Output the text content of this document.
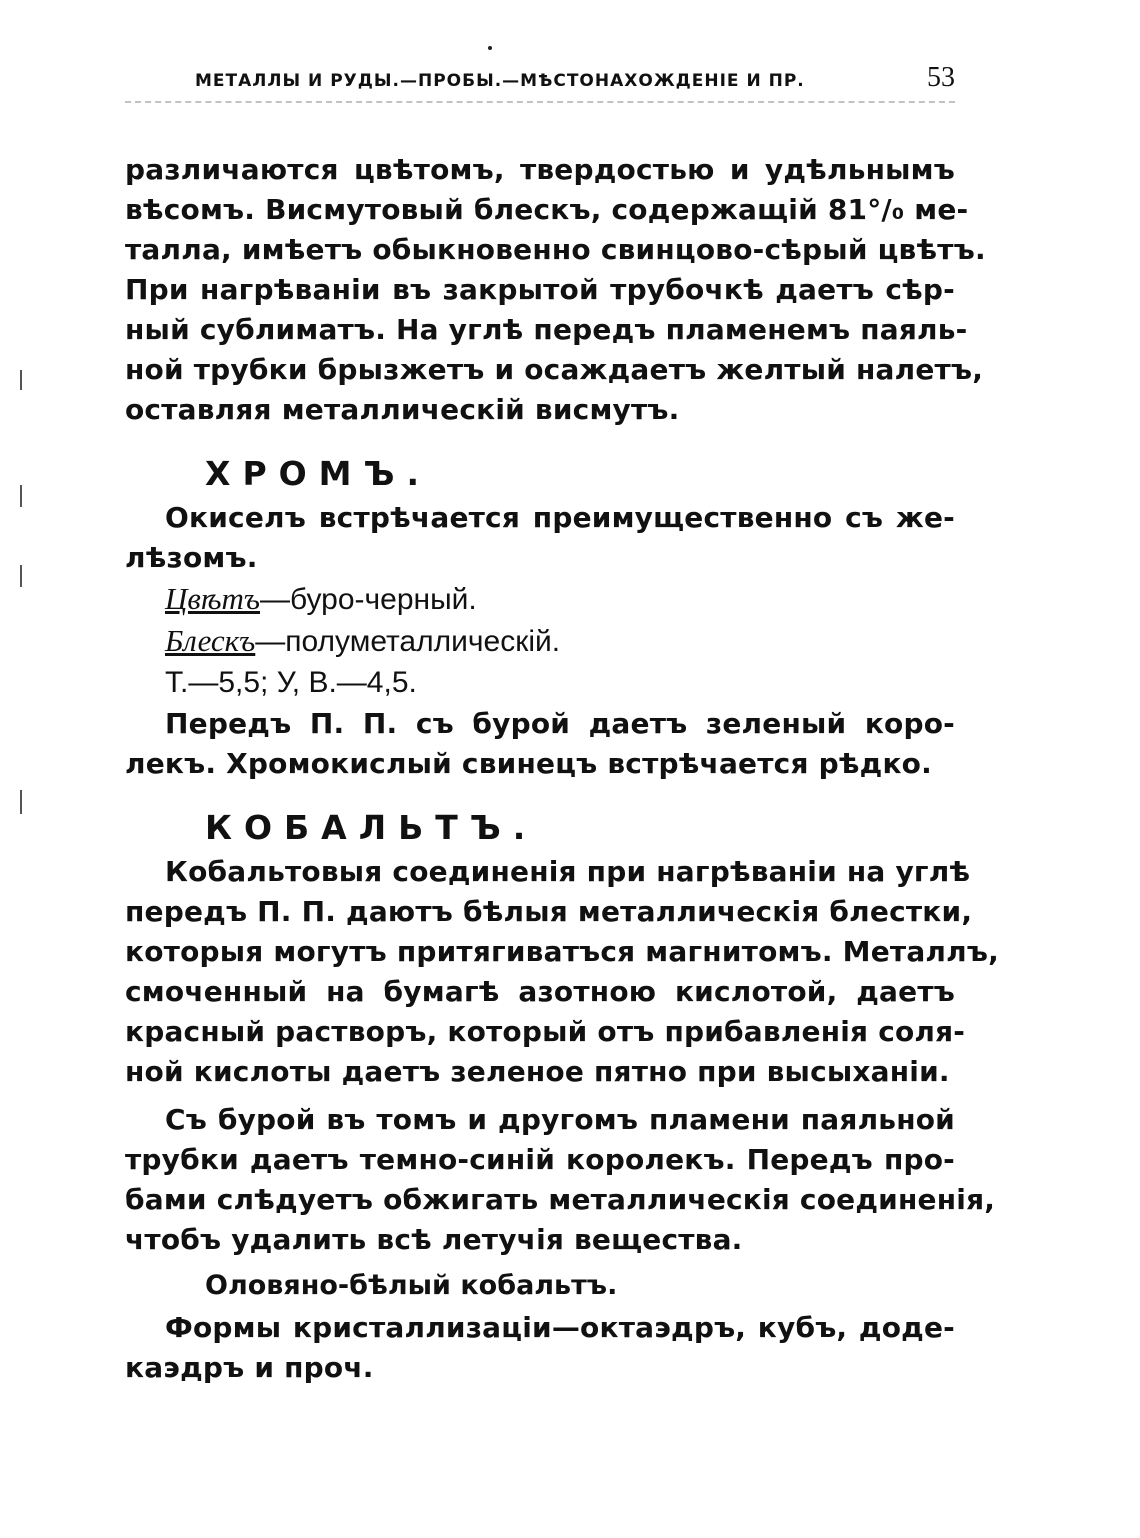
МЕТАЛЛЫ И РУДЫ.—ПРОБЫ.—МѢСТОНАХОЖДЕНІЕ И ПР.	53
различаются цвѣтомъ, твердостью и удѣльнымъ
вѣсомъ. Висмутовый блескъ, содержащій 81°/₀ ме-
талла, имѣетъ обыкновенно свинцово-сѣрый цвѣтъ.
При нагрѣваніи въ закрытой трубочкѣ даетъ сѣр-
ный сублиматъ. На углѣ передъ пламенемъ паяль-
ной трубки брызжетъ и осаждаетъ желтый налетъ,
оставляя металлическій висмутъ.
ХРОМЪ.
Окиселъ встрѣчается преимущественно съ же-
лѣзомъ.
Цвѣтъ—буро-черный.
Блескъ—полуметаллическій.
Т.—5,5; У, В.—4,5.
Передъ П. П. съ бурой даетъ зеленый коро-
лекъ. Хромокислый свинецъ встрѣчается рѣдко.
КОБАЛЬТЪ.
Кобальтовыя соединенія при нагрѣваніи на углѣ
передъ П. П. даютъ бѣлыя металлическія блестки,
которыя могутъ притягиватъся магнитомъ. Металлъ,
смоченный на бумагѣ азотною кислотой, даетъ
красный растворъ, который отъ прибавленія соля-
ной кислоты даетъ зеленое пятно при высыханіи.
Съ бурой въ томъ и другомъ пламени паяльной
трубки даетъ темно-синій королекъ. Передъ про-
бами слѣдуетъ обжигать металлическія соединенія,
чтобъ удалить всѣ летучія вещества.
Оловяно-бѣлый кобальтъ.
Формы кристаллизаціи—октаэдръ, кубъ, доде-
каэдръ и проч.
